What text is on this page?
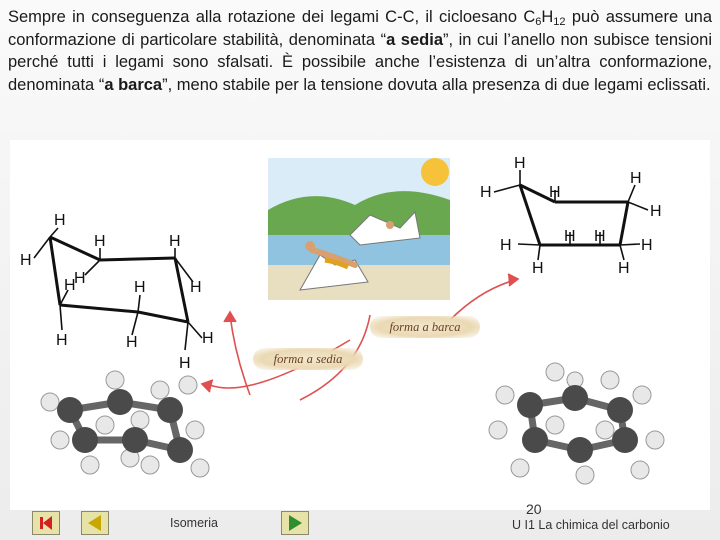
Sempre in conseguenza alla rotazione dei legami C-C, il cicloesano $C_6H_{12}$ può assumere una conformazione di particolare stabilità, denominata “a sedia”, in cui l’anello non subisce tensioni perché tutti i legami sono sfalsati. È possibile anche l’esistenza di un’altra conformazione, denominata “a barca”, meno stabile per la tensione dovuta alla presenza di due legami eclissati.
H
H
H
H
H
H
H
H
H
H	H
H
H
H	H
H
H
H
H
H
H
H H
forma a sedia
forma a barca
Isomeria
20
U I1 La chimica del carbonio
